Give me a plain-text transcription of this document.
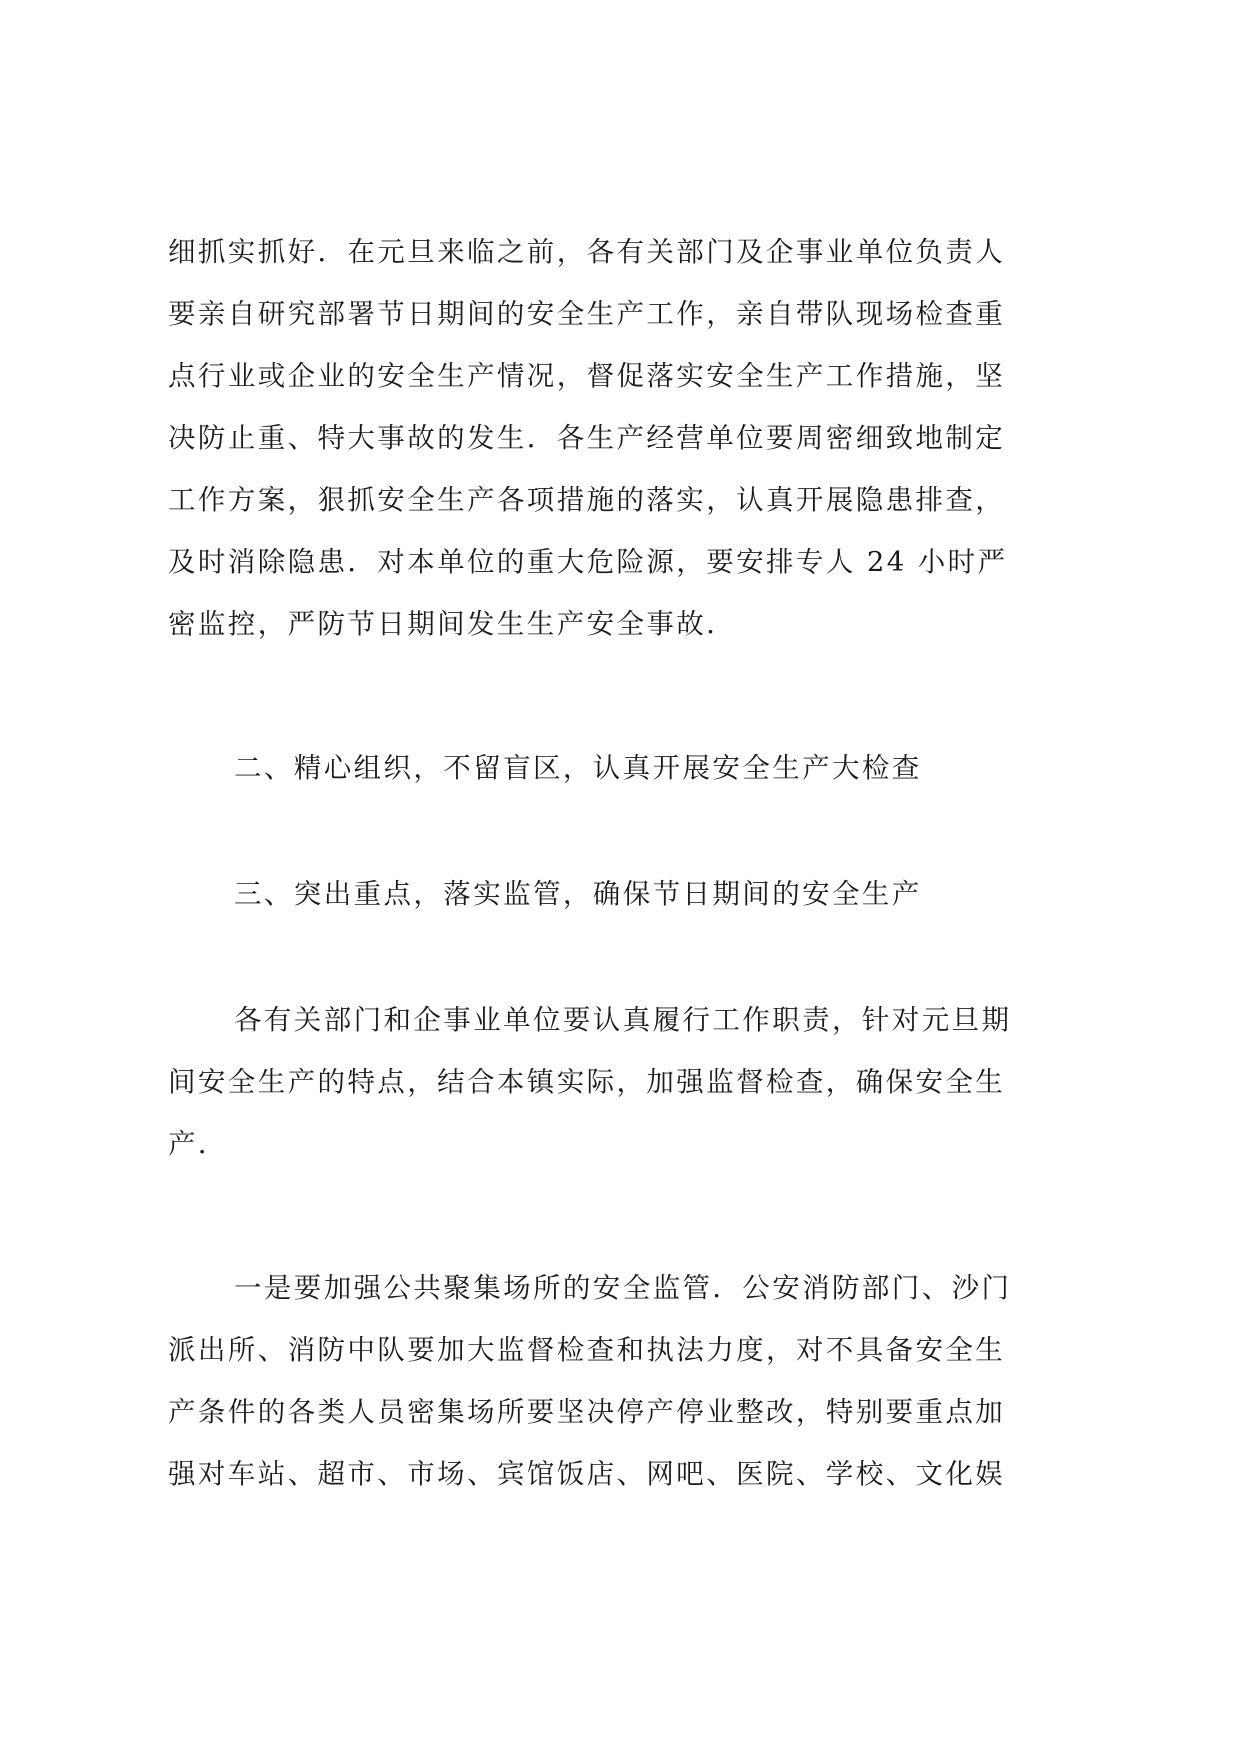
细抓实抓好．在元旦来临之前，各有关部门及企事业单位负责人
要亲自研究部署节日期间的安全生产工作，亲自带队现场检查重
点行业或企业的安全生产情况，督促落实安全生产工作措施，坚
决防止重、特大事故的发生．各生产经营单位要周密细致地制定
工作方案，狠抓安全生产各项措施的落实，认真开展隐患排查，
及时消除隐患．对本单位的重大危险源，要安排专人 24 小时严
密监控，严防节日期间发生生产安全事故．
二、精心组织，不留盲区，认真开展安全生产大检查
三、突出重点，落实监管，确保节日期间的安全生产
各有关部门和企事业单位要认真履行工作职责，针对元旦期
间安全生产的特点，结合本镇实际，加强监督检查，确保安全生
产．
一是要加强公共聚集场所的安全监管．公安消防部门、沙门
派出所、消防中队要加大监督检查和执法力度，对不具备安全生
产条件的各类人员密集场所要坚决停产停业整改，特别要重点加
强对车站、超市、市场、宾馆饭店、网吧、医院、学校、文化娱
